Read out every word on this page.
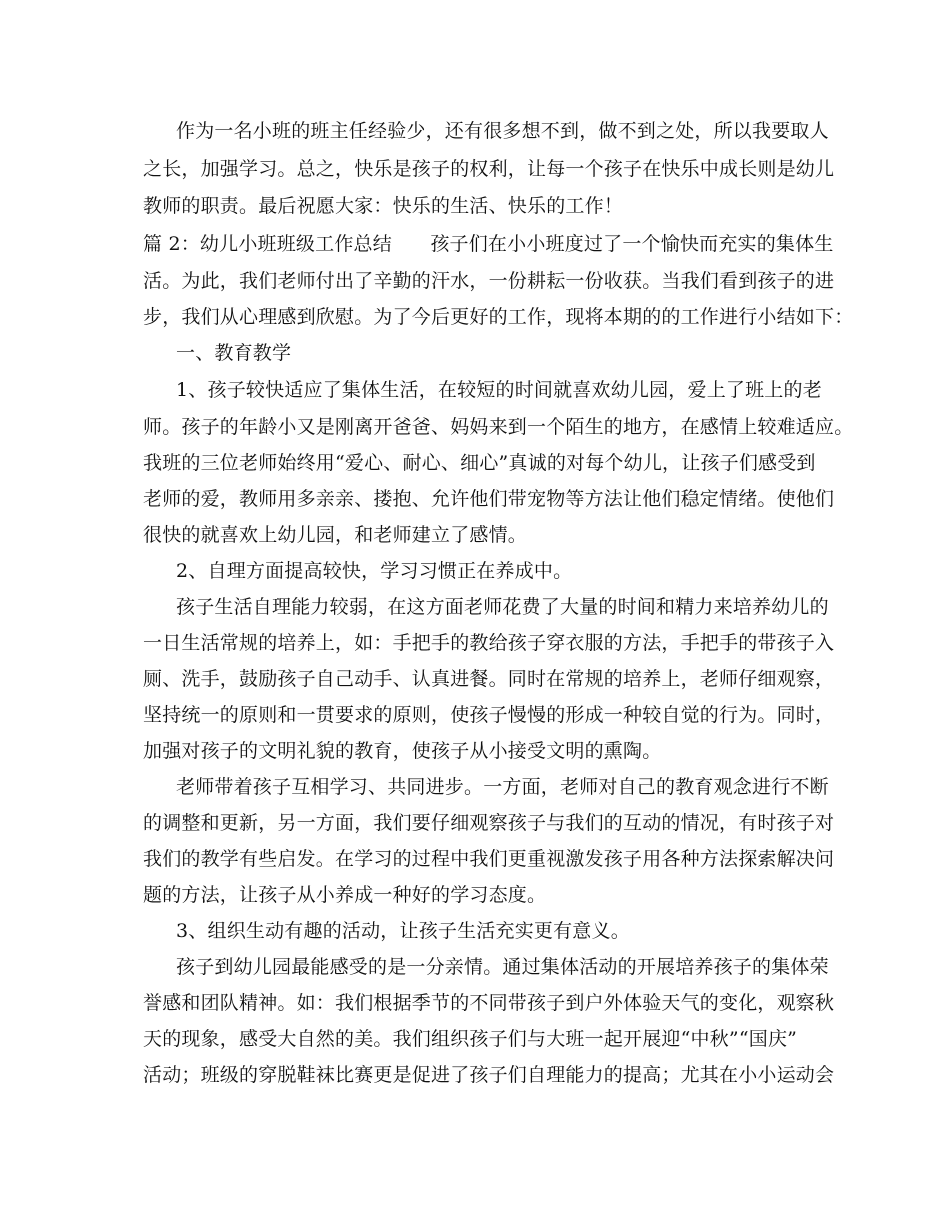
作为一名小班的班主任经验少，还有很多想不到，做不到之处，所以我要取人
之长，加强学习。总之，快乐是孩子的权利，让每一个孩子在快乐中成长则是幼儿
教师的职责。最后祝愿大家：快乐的生活、快乐的工作！
篇 2：幼儿小班班级工作总结　　孩子们在小小班度过了一个愉快而充实的集体生
活。为此，我们老师付出了辛勤的汗水，一份耕耘一份收获。当我们看到孩子的进
步，我们从心理感到欣慰。为了今后更好的工作，现将本期的的工作进行小结如下：
一、教育教学
1、孩子较快适应了集体生活，在较短的时间就喜欢幼儿园，爱上了班上的老
师。孩子的年龄小又是刚离开爸爸、妈妈来到一个陌生的地方，在感情上较难适应。
我班的三位老师始终用“爱心、耐心、细心”真诚的对每个幼儿，让孩子们感受到
老师的爱，教师用多亲亲、搂抱、允许他们带宠物等方法让他们稳定情绪。使他们
很快的就喜欢上幼儿园，和老师建立了感情。
2、自理方面提高较快，学习习惯正在养成中。
孩子生活自理能力较弱，在这方面老师花费了大量的时间和精力来培养幼儿的
一日生活常规的培养上，如：手把手的教给孩子穿衣服的方法，手把手的带孩子入
厕、洗手，鼓励孩子自己动手、认真进餐。同时在常规的培养上，老师仔细观察，
坚持统一的原则和一贯要求的原则，使孩子慢慢的形成一种较自觉的行为。同时，
加强对孩子的文明礼貌的教育，使孩子从小接受文明的熏陶。
老师带着孩子互相学习、共同进步。一方面，老师对自己的教育观念进行不断
的调整和更新，另一方面，我们要仔细观察孩子与我们的互动的情况，有时孩子对
我们的教学有些启发。在学习的过程中我们更重视激发孩子用各种方法探索解决问
题的方法，让孩子从小养成一种好的学习态度。
3、组织生动有趣的活动，让孩子生活充实更有意义。
孩子到幼儿园最能感受的是一分亲情。通过集体活动的开展培养孩子的集体荣
誉感和团队精神。如：我们根据季节的不同带孩子到户外体验天气的变化，观察秋
天的现象，感受大自然的美。我们组织孩子们与大班一起开展迎“中秋”“国庆”
活动；班级的穿脱鞋袜比赛更是促进了孩子们自理能力的提高；尤其在小小运动会
